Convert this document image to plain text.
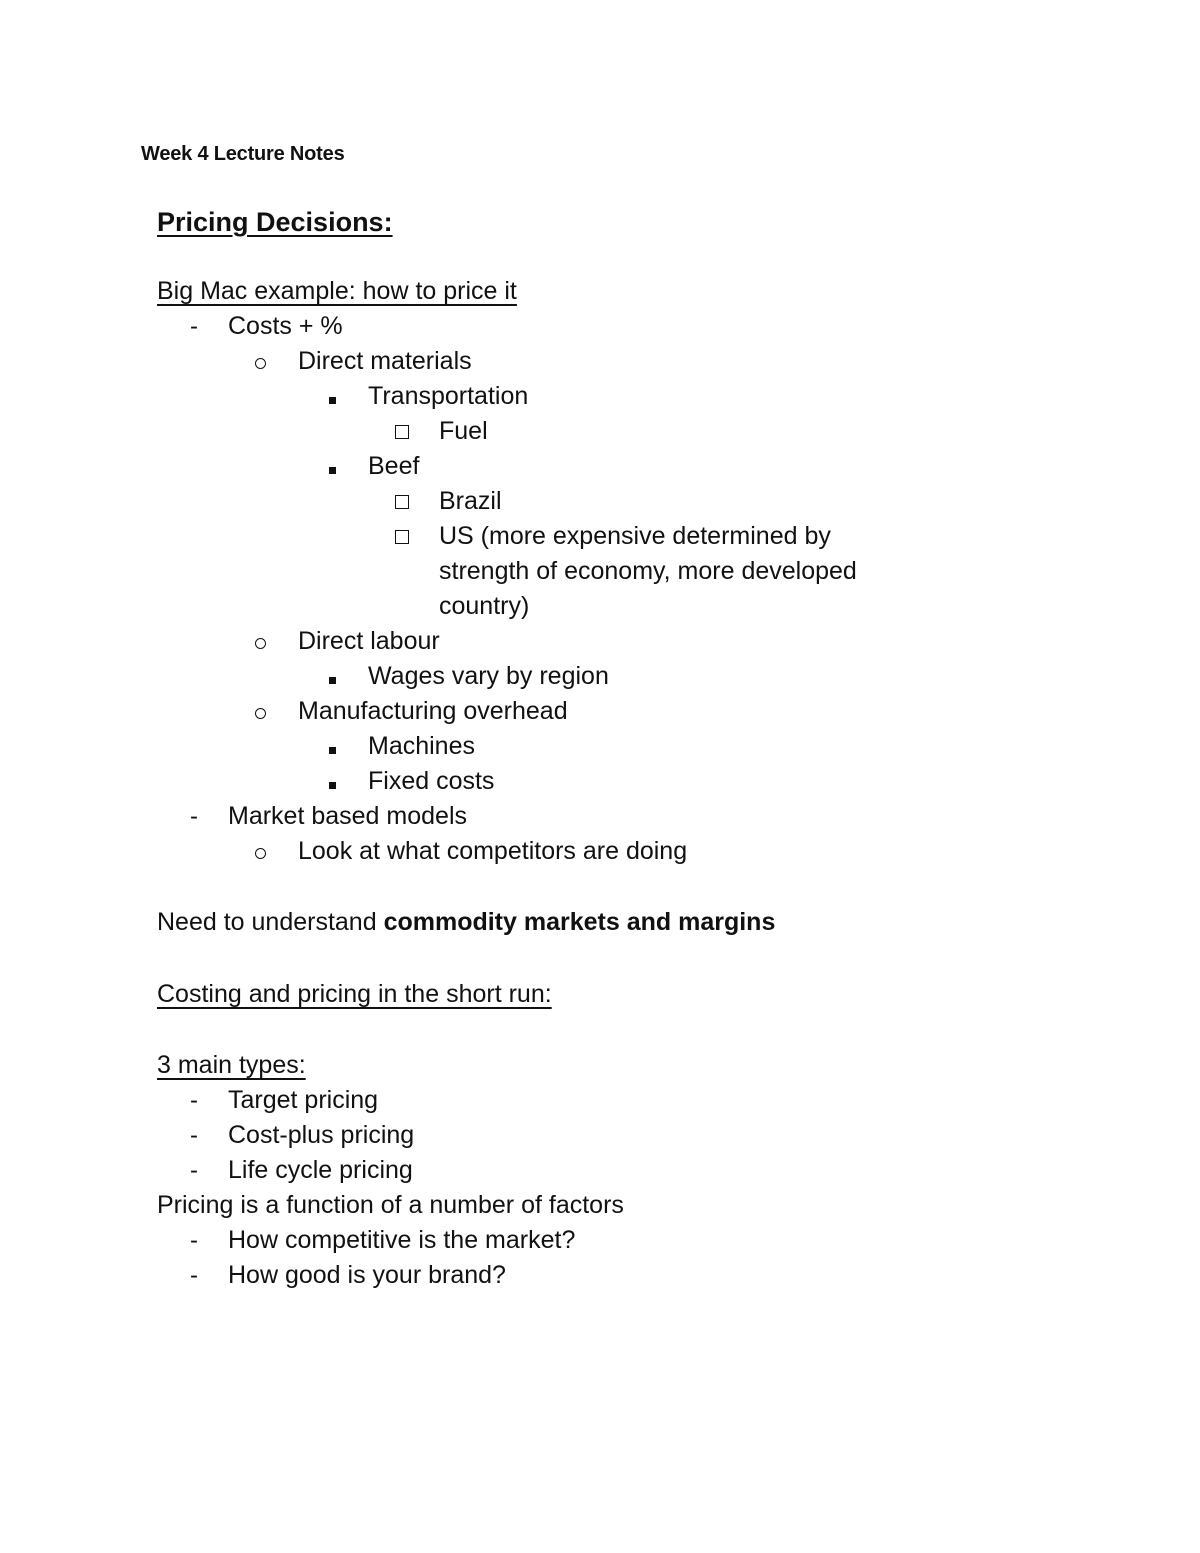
Week 4 Lecture Notes
Pricing Decisions:

Big Mac example: how to price it

- Costs + %
Direct materials
Transportation
Fuel
Beef
Brazil
US (more expensive determined by strength of economy, more developed country)
Direct labour
Wages vary by region
Manufacturing overhead
Machines
Fixed costs
- Market based models
Look at what competitors are doing

Need to understand commodity markets and margins

Costing and pricing in the short run:

3 main types:

- Target pricing
- Cost-plus pricing
- Life cycle pricing

Pricing is a function of a number of factors

- How competitive is the market?
- How good is your brand?
